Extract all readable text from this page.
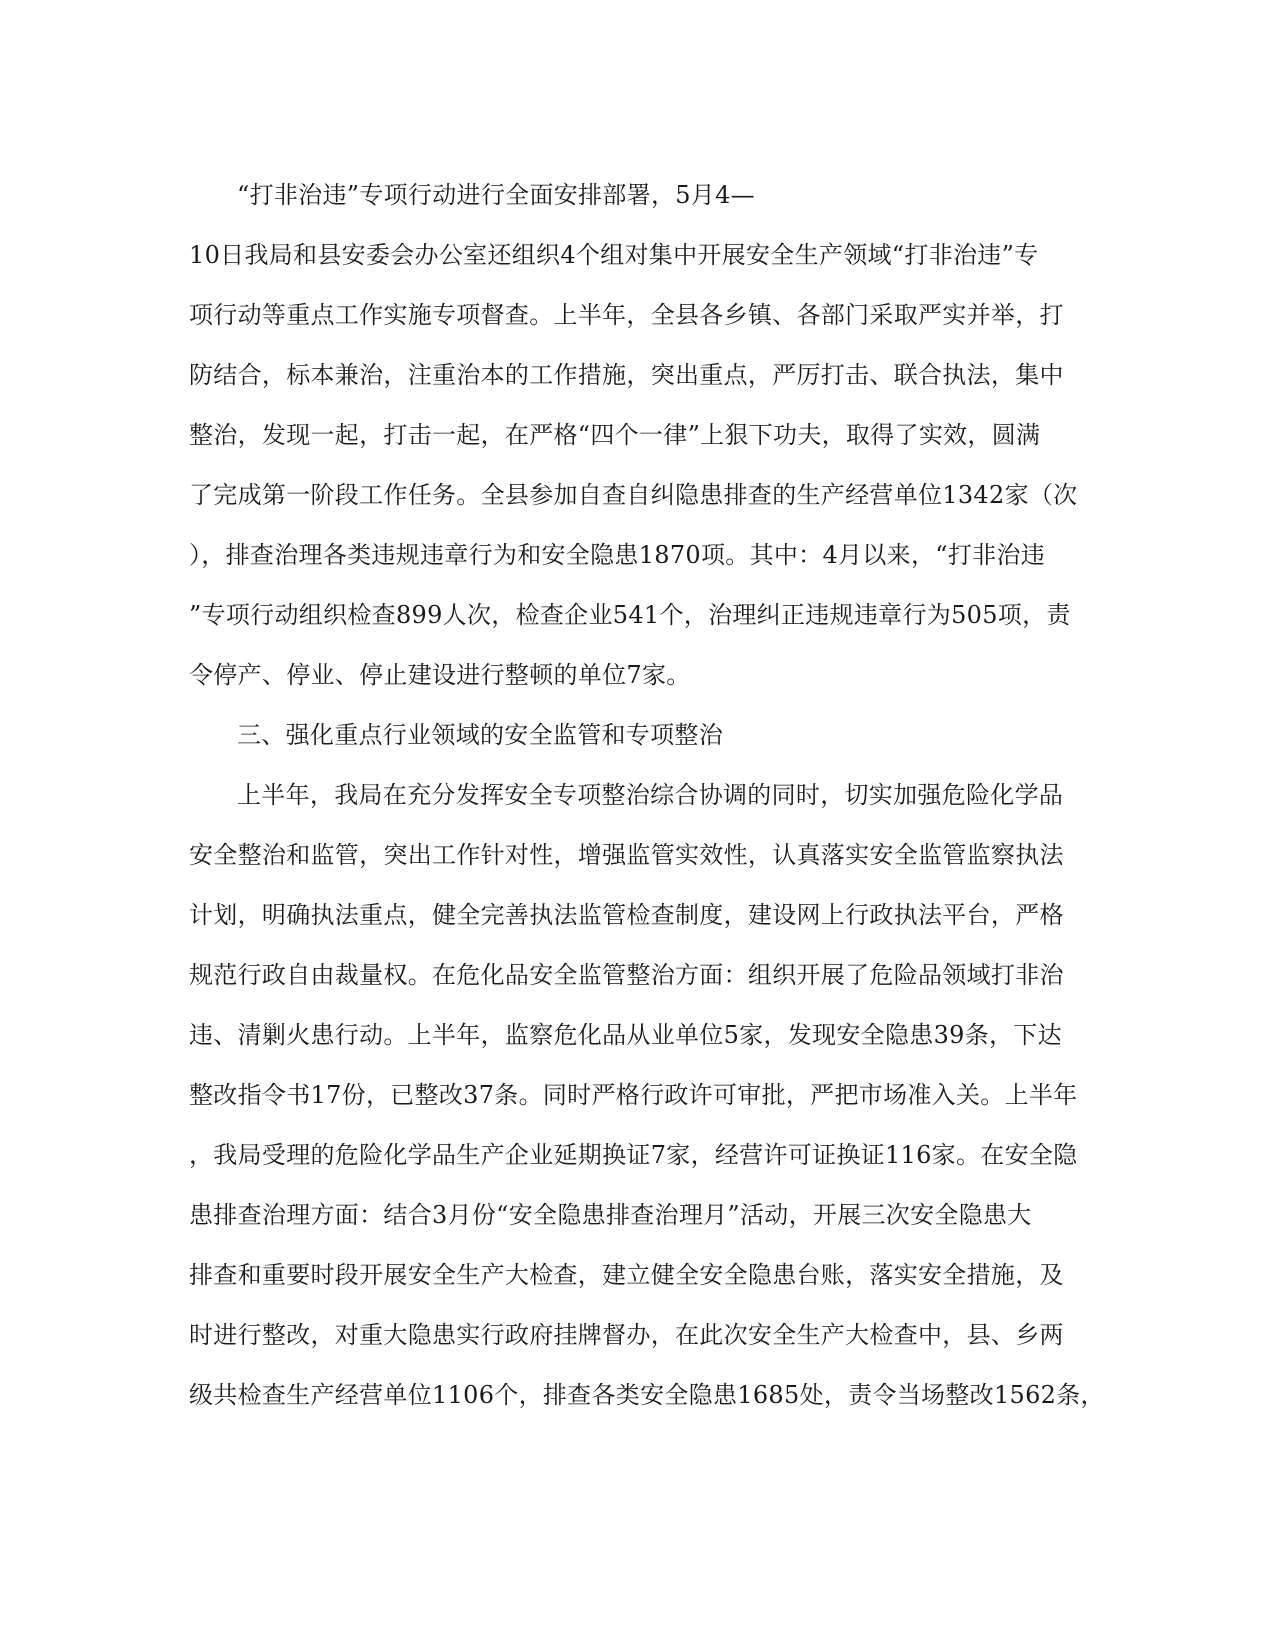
“打非治违”专项行动进行全面安排部署，5月4—
10日我局和县安委会办公室还组织4个组对集中开展安全生产领域“打非治违”专
项行动等重点工作实施专项督查。上半年，全县各乡镇、各部门采取严实并举，打
防结合，标本兼治，注重治本的工作措施，突出重点，严厉打击、联合执法，集中
整治，发现一起，打击一起，在严格“四个一律”上狠下功夫，取得了实效，圆满
了完成第一阶段工作任务。全县参加自查自纠隐患排查的生产经营单位1342家（次
），排查治理各类违规违章行为和安全隐患1870项。其中：4月以来，“打非治违
”专项行动组织检查899人次，检查企业541个，治理纠正违规违章行为505项，责
令停产、停业、停止建设进行整顿的单位7家。
三、强化重点行业领域的安全监管和专项整治
上半年，我局在充分发挥安全专项整治综合协调的同时，切实加强危险化学品
安全整治和监管，突出工作针对性，增强监管实效性，认真落实安全监管监察执法
计划，明确执法重点，健全完善执法监管检查制度，建设网上行政执法平台，严格
规范行政自由裁量权。在危化品安全监管整治方面：组织开展了危险品领域打非治
违、清剿火患行动。上半年，监察危化品从业单位5家，发现安全隐患39条，下达
整改指令书17份，已整改37条。同时严格行政许可审批，严把市场准入关。上半年
，我局受理的危险化学品生产企业延期换证7家，经营许可证换证116家。在安全隐
患排查治理方面：结合3月份“安全隐患排查治理月”活动，开展三次安全隐患大
排查和重要时段开展安全生产大检查，建立健全安全隐患台账，落实安全措施，及
时进行整改，对重大隐患实行政府挂牌督办，在此次安全生产大检查中，县、乡两
级共检查生产经营单位1106个，排查各类安全隐患1685处，责令当场整改1562条，
